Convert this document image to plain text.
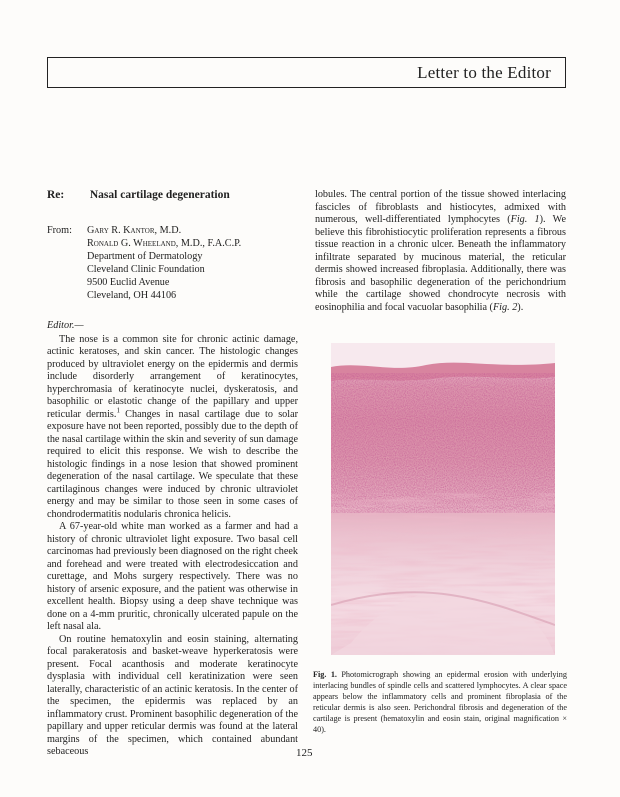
Letter to the Editor
Re: Nasal cartilage degeneration
From: Gary R. Kantor, M.D.
Ronald G. Wheeland, M.D., F.A.C.P.
Department of Dermatology
Cleveland Clinic Foundation
9500 Euclid Avenue
Cleveland, OH 44106

Editor.—

The nose is a common site for chronic actinic damage, actinic keratoses, and skin cancer. The histologic changes produced by ultraviolet energy on the epidermis and dermis include disorderly arrangement of keratinocytes, hyperchromasia of keratinocyte nuclei, dyskeratosis, and basophilic or elastotic change of the papillary and upper reticular dermis.$^1$ Changes in nasal cartilage due to solar exposure have not been reported, possibly due to the depth of the nasal cartilage within the skin and severity of sun damage required to elicit this response. We wish to describe the histologic findings in a nose lesion that showed prominent degeneration of the nasal cartilage. We speculate that these cartilaginous changes were induced by chronic ultraviolet energy and may be similar to those seen in some cases of chondrodermatitis nodularis chronica helicis.

A 67-year-old white man worked as a farmer and had a history of chronic ultraviolet light exposure. Two basal cell carcinomas had previously been diagnosed on the right cheek and forehead and were treated with electrodesiccation and curettage, and Mohs surgery respectively. There was no history of arsenic exposure, and the patient was otherwise in excellent health. Biopsy using a deep shave technique was done on a 4-mm pruritic, chronically ulcerated papule on the left nasal ala.

On routine hematoxylin and eosin staining, alternating focal parakeratosis and basket-weave hyperkeratosis were present. Focal acanthosis and moderate keratinocyte dysplasia with individual cell keratinization were seen laterally, characteristic of an actinic keratosis. In the center of the specimen, the epidermis was replaced by an inflammatory crust. Prominent basophilic degeneration of the papillary and upper reticular dermis was found at the lateral margins of the specimen, which contained abundant sebaceous

lobules. The central portion of the tissue showed interlacing fascicles of fibroblasts and histiocytes, admixed with numerous, well-differentiated lymphocytes (Fig. 1). We believe this fibrohistiocytic proliferation represents a fibrous tissue reaction in a chronic ulcer. Beneath the inflammatory infiltrate separated by mucinous material, the reticular dermis showed increased fibroplasia. Additionally, there was fibrosis and basophilic degeneration of the perichondrium while the cartilage showed chondrocyte necrosis with eosinophilia and focal vacuolar basophilia (Fig. 2).

Fig. 1. Photomicrograph showing an epidermal erosion with underlying interlacing bundles of spindle cells and scattered lymphocytes. A clear space appears below the inflammatory cells and prominent fibroplasia of the reticular dermis is also seen. Perichondral fibrosis and degeneration of the cartilage is present (hematoxylin and eosin stain, original magnification × 40).
125
